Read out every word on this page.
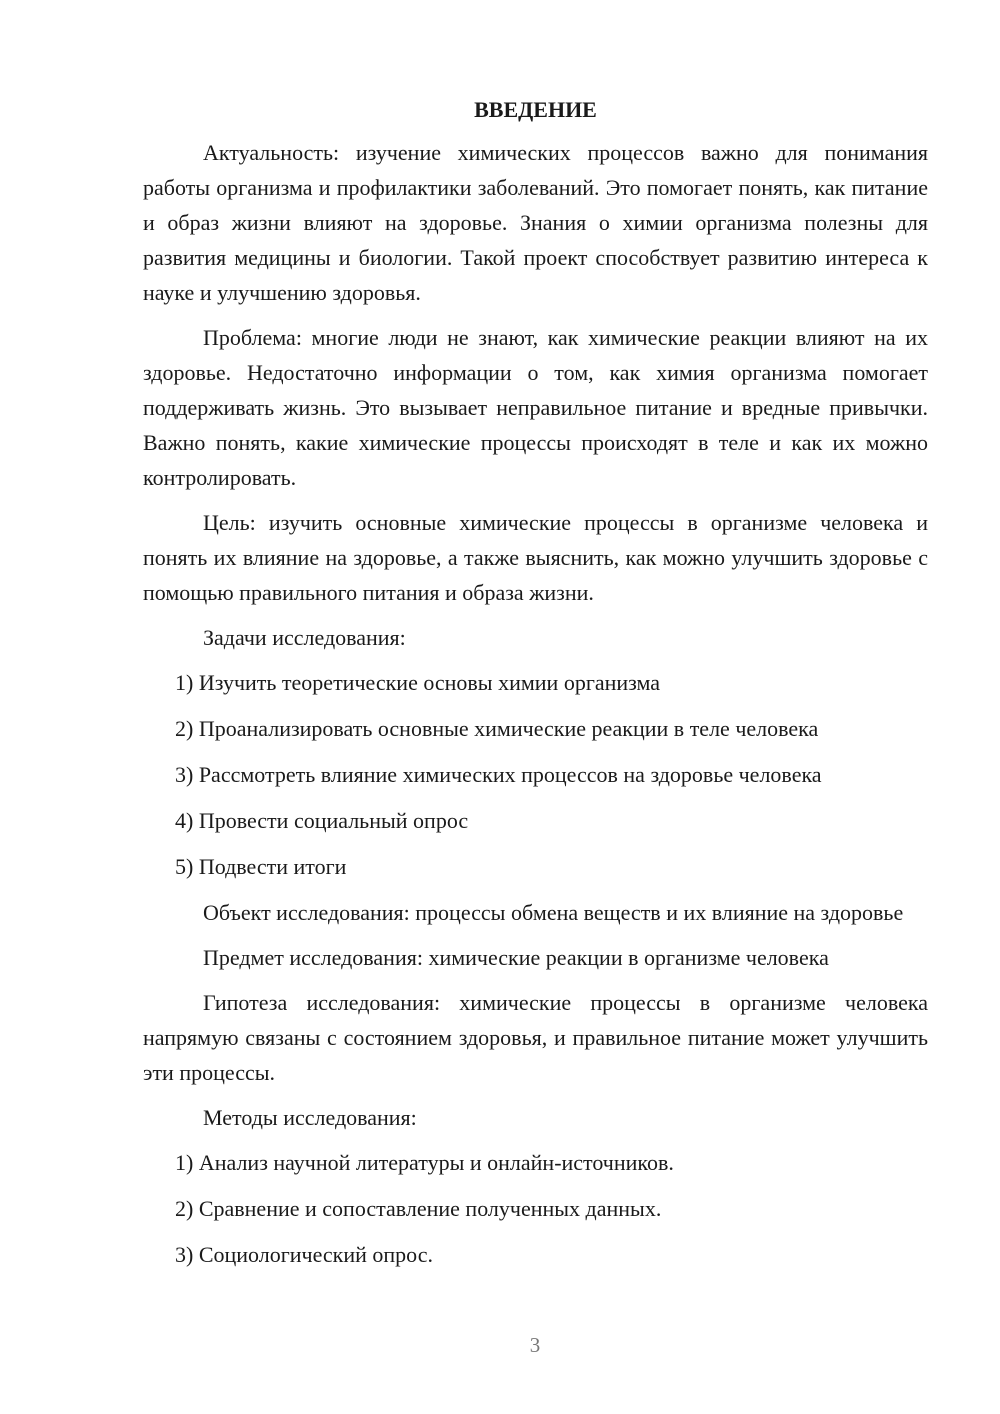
ВВЕДЕНИЕ

Актуальность: изучение химических процессов важно для понимания работы организма и профилактики заболеваний. Это помогает понять, как питание и образ жизни влияют на здоровье. Знания о химии организма полезны для развития медицины и биологии. Такой проект способствует развитию интереса к науке и улучшению здоровья.

Проблема: многие люди не знают, как химические реакции влияют на их здоровье. Недостаточно информации о том, как химия организма помогает поддерживать жизнь. Это вызывает неправильное питание и вредные привычки. Важно понять, какие химические процессы происходят в теле и как их можно контролировать.

Цель: изучить основные химические процессы в организме человека и понять их влияние на здоровье, а также выяснить, как можно улучшить здоровье с помощью правильного питания и образа жизни.

Задачи исследования:

1) Изучить теоретические основы химии организма
2) Проанализировать основные химические реакции в теле человека
3) Рассмотреть влияние химических процессов на здоровье человека
4) Провести социальный опрос
5) Подвести итоги

Объект исследования: процессы обмена веществ и их влияние на здоровье

Предмет исследования: химические реакции в организме человека

Гипотеза исследования: химические процессы в организме человека напрямую связаны с состоянием здоровья, и правильное питание может улучшить эти процессы.

Методы исследования:

1) Анализ научной литературы и онлайн-источников.
2) Сравнение и сопоставление полученных данных.
3) Социологический опрос.
3
